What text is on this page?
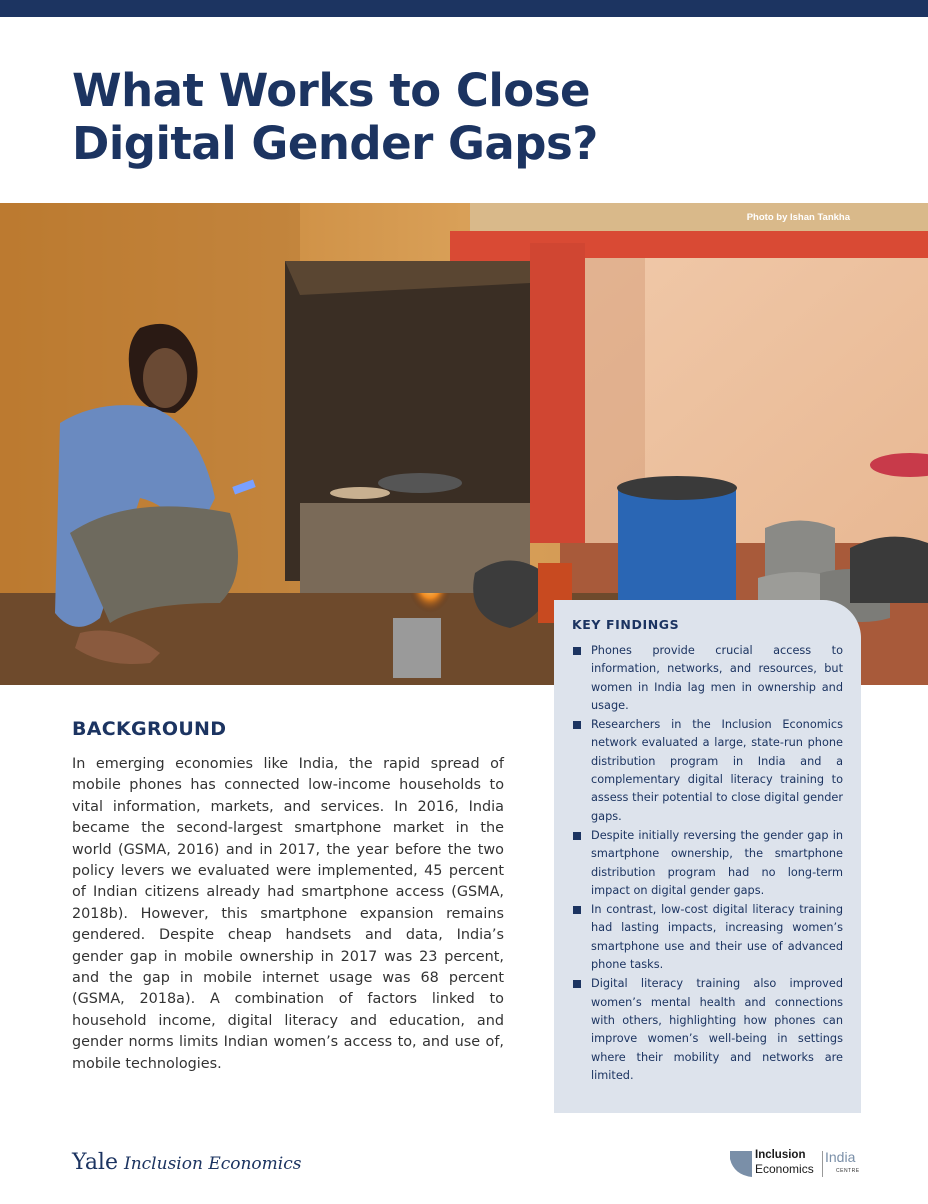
What Works to Close
Digital Gender Gaps?
Photo by Ishan Tankha
BACKGROUND

In emerging economies like India, the rapid spread of mobile phones has connected low-income households to vital information, markets, and services. In 2016, India became the second-largest smartphone market in the world (GSMA, 2016) and in 2017, the year before the two policy levers we evaluated were implemented, 45 percent of Indian citizens already had smartphone access (GSMA, 2018b). However, this smartphone expansion remains gendered. Despite cheap handsets and data, India’s gender gap in mobile ownership in 2017 was 23 percent, and the gap in mobile internet usage was 68 percent (GSMA, 2018a). A combination of factors linked to household income, digital literacy and education, and gender norms limits Indian women’s access to, and use of, mobile technologies.

KEY FINDINGS
Phones provide crucial access to information, networks, and resources, but women in India lag men in ownership and usage.
Researchers in the Inclusion Economics network evaluated a large, state-run phone distribution program in India and a complementary digital literacy training to assess their potential to close digital gender gaps.
Despite initially reversing the gender gap in smartphone ownership, the smartphone distribution program had no long-term impact on digital gender gaps.
In contrast, low-cost digital literacy training had lasting impacts, increasing women’s smartphone use and their use of advanced phone tasks.
Digital literacy training also improved women’s mental health and connections with others, highlighting how phones can improve women’s well-being in settings where their mobility and networks are limited.
Yale Inclusion Economics	Inclusion
Economics
India
CENTRE
